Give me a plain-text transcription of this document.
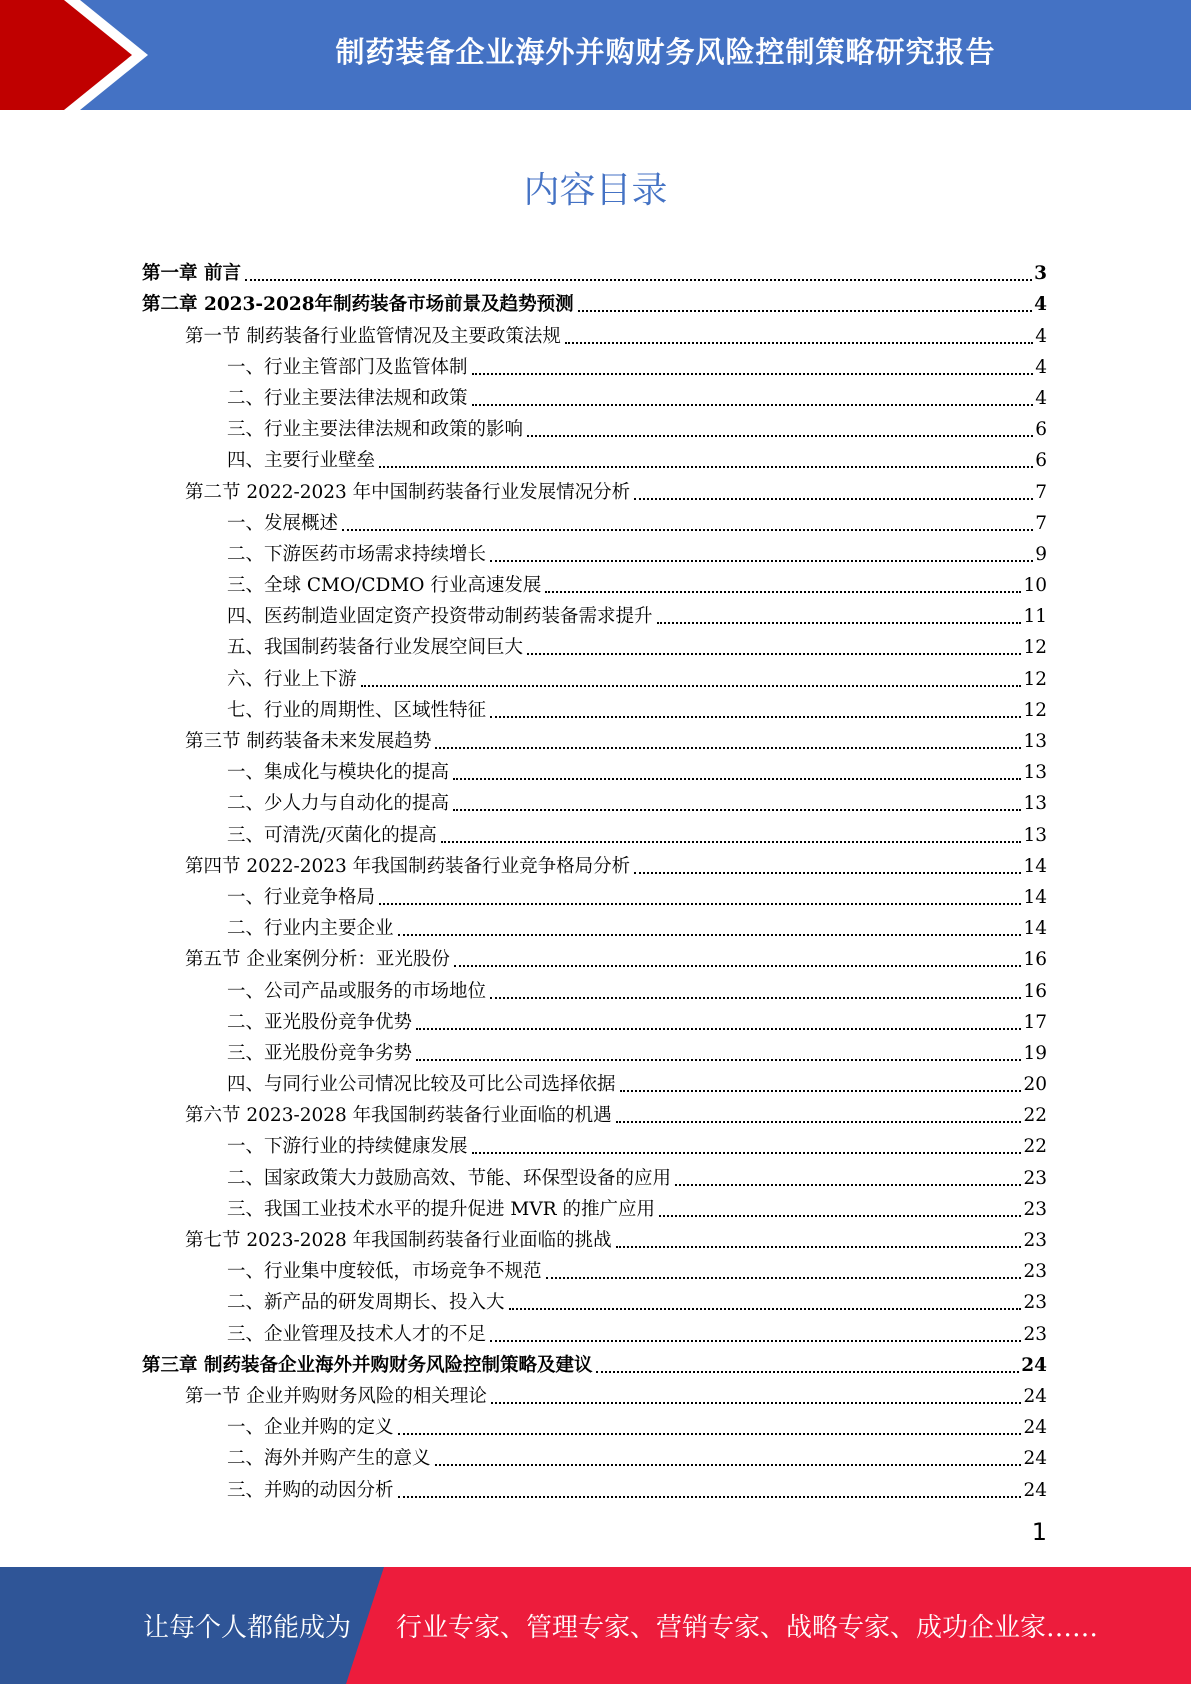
制药装备企业海外并购财务风险控制策略研究报告
内容目录
第一章 前言	3
第二章 2023-2028年制药装备市场前景及趋势预测	4
第一节 制药装备行业监管情况及主要政策法规	4
一、行业主管部门及监管体制	4
二、行业主要法律法规和政策	4
三、行业主要法律法规和政策的影响	6
四、主要行业壁垒	6
第二节 2022-2023 年中国制药装备行业发展情况分析	7
一、发展概述	7
二、下游医药市场需求持续增长	9
三、全球 CMO/CDMO 行业高速发展	10
四、医药制造业固定资产投资带动制药装备需求提升	11
五、我国制药装备行业发展空间巨大	12
六、行业上下游	12
七、行业的周期性、区域性特征	12
第三节 制药装备未来发展趋势	13
一、集成化与模块化的提高	13
二、少人力与自动化的提高	13
三、可清洗/灭菌化的提高	13
第四节 2022-2023 年我国制药装备行业竞争格局分析	14
一、行业竞争格局	14
二、行业内主要企业	14
第五节 企业案例分析：亚光股份	16
一、公司产品或服务的市场地位	16
二、亚光股份竞争优势	17
三、亚光股份竞争劣势	19
四、与同行业公司情况比较及可比公司选择依据	20
第六节 2023-2028 年我国制药装备行业面临的机遇	22
一、下游行业的持续健康发展	22
二、国家政策大力鼓励高效、节能、环保型设备的应用	23
三、我国工业技术水平的提升促进 MVR 的推广应用	23
第七节 2023-2028 年我国制药装备行业面临的挑战	23
一、行业集中度较低，市场竞争不规范	23
二、新产品的研发周期长、投入大	23
三、企业管理及技术人才的不足	23
第三章 制药装备企业海外并购财务风险控制策略及建议	24
第一节 企业并购财务风险的相关理论	24
一、企业并购的定义	24
二、海外并购产生的意义	24
三、并购的动因分析	24
1
让每个人都能成为 行业专家、管理专家、营销专家、战略专家、成功企业家……
